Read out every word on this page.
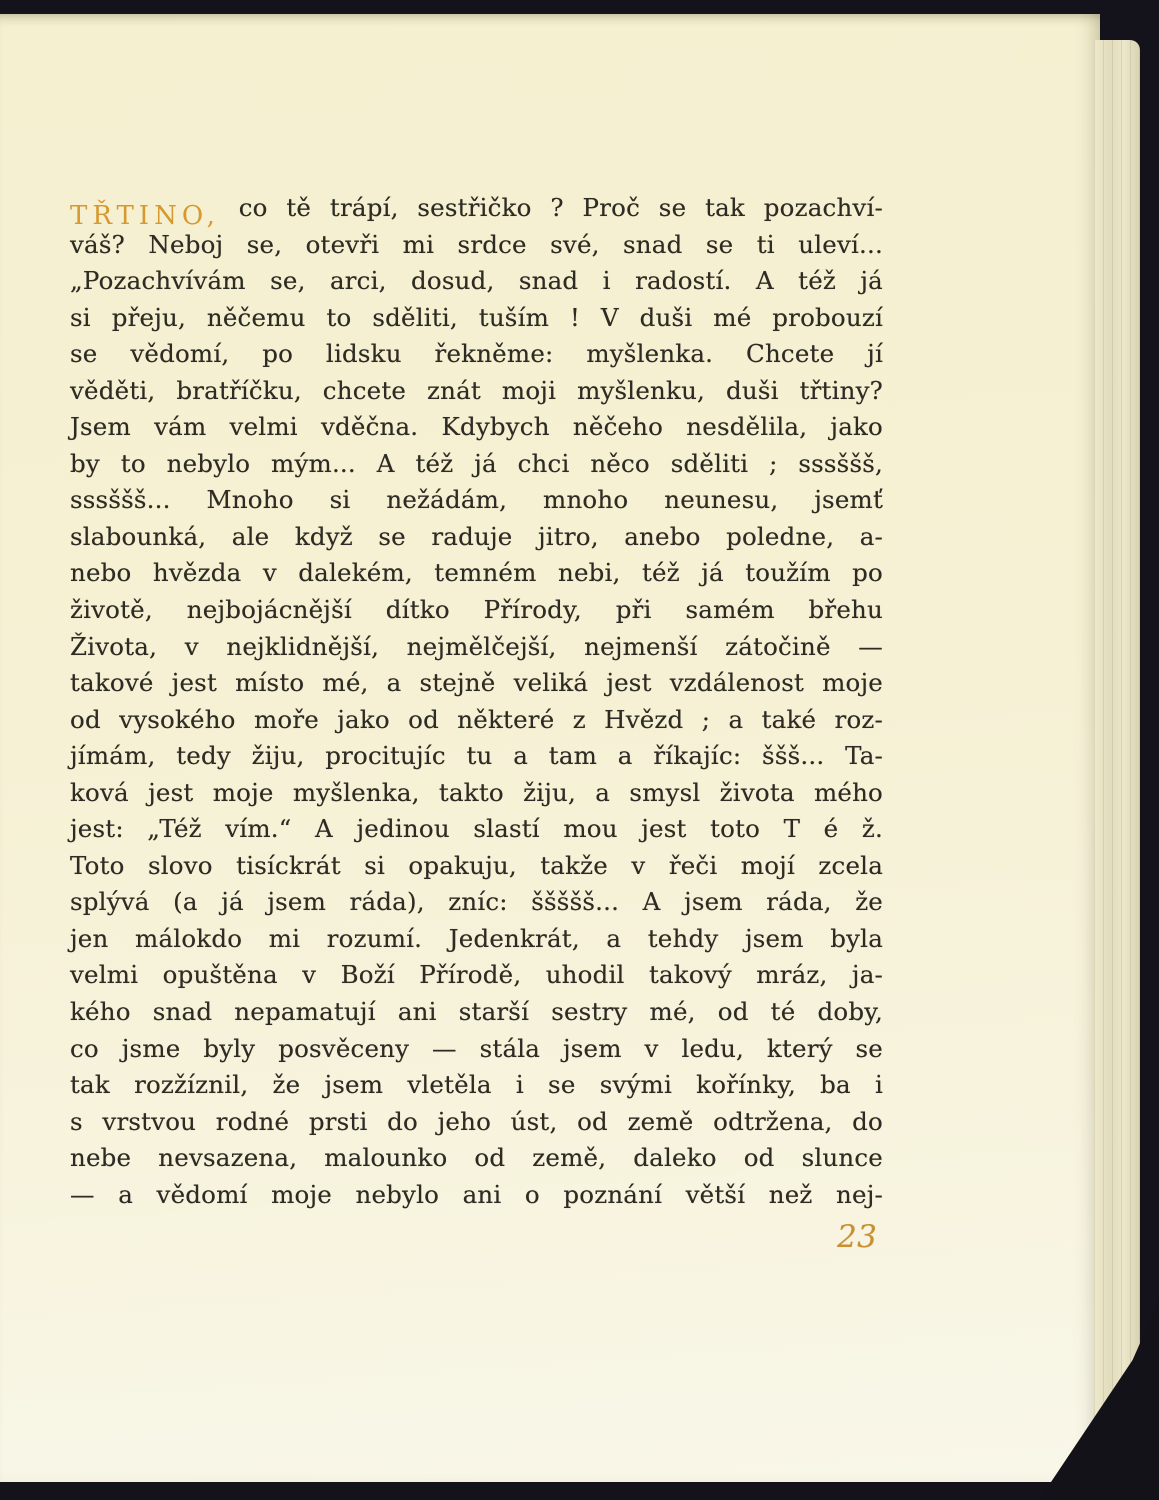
TŘTINO, co tě trápí, sestřičko ? Proč se tak pozachví-
váš? Neboj se, otevři mi srdce své, snad se ti uleví...
„Pozachvívám se, arci, dosud, snad i radostí. A též já
si přeju, něčemu to sděliti, tuším ! V duši mé probouzí
se vědomí, po lidsku řekněme: myšlenka. Chcete jí
věděti, bratříčku, chcete znát moji myšlenku, duši třtiny?
Jsem vám velmi vděčna. Kdybych něčeho nesdělila, jako
by to nebylo mým... A též já chci něco sděliti ; sssššš,
sssššš... Mnoho si nežádám, mnoho neunesu, jsemť
slabounká, ale když se raduje jitro, anebo poledne, a-
nebo hvězda v dalekém, temném nebi, též já toužím po
životě, nejbojácnější dítko Přírody, při samém břehu
Života, v nejklidnější, nejmělčejší, nejmenší zátočině —
takové jest místo mé, a stejně veliká jest vzdálenost moje
od vysokého moře jako od některé z Hvězd ; a také roz-
jímám, tedy žiju, procitujíc tu a tam a říkajíc: ššš... Ta-
ková jest moje myšlenka, takto žiju, a smysl života mého
jest: „Též vím.“ A jedinou slastí mou jest toto T é ž.
Toto slovo tisíckrát si opakuju, takže v řeči mojí zcela
splývá (a já jsem ráda), zníc: ššššš... A jsem ráda, že
jen málokdo mi rozumí. Jedenkrát, a tehdy jsem byla
velmi opuštěna v Boží Přírodě, uhodil takový mráz, ja-
kého snad nepamatují ani starší sestry mé, od té doby,
co jsme byly posvěceny — stála jsem v ledu, který se
tak rozžíznil, že jsem vletěla i se svými kořínky, ba i
s vrstvou rodné prsti do jeho úst, od země odtržena, do
nebe nevsazena, malounko od země, daleko od slunce
— a vědomí moje nebylo ani o poznání větší než nej-
23
